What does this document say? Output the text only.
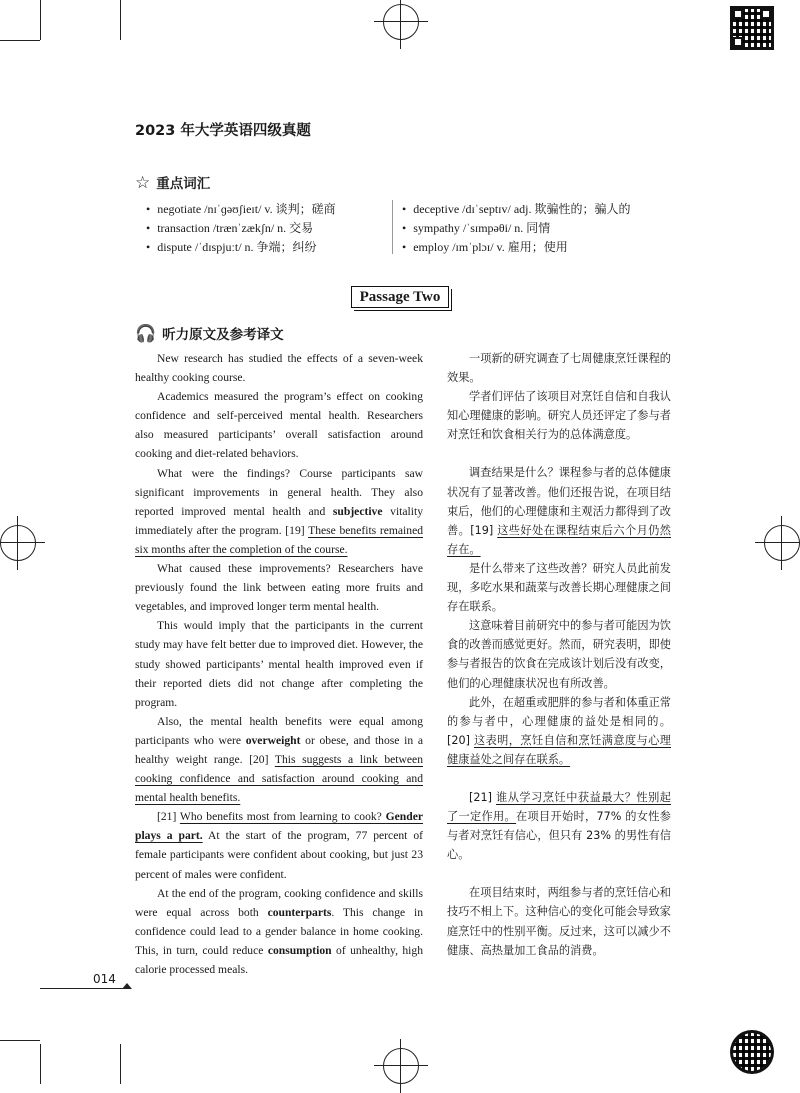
2023 年大学英语四级真题
☆ 重点词汇
• negotiate /nɪˈɡəʊʃieɪt/ v. 谈判；磋商
• transaction /trænˈzækʃn/ n. 交易
• dispute /ˈdɪspjuːt/ n. 争端；纠纷
• deceptive /dɪˈseptɪv/ adj. 欺骗性的；骗人的
• sympathy /ˈsɪmpəθi/ n. 同情
• employ /ɪmˈplɔɪ/ v. 雇用；使用
Passage Two
🎧 听力原文及参考译文

New research has studied the effects of a seven-week healthy cooking course.

Academics measured the program’s effect on cooking confidence and self-perceived mental health. Researchers also measured participants’ overall satisfaction around cooking and diet-related behaviors.

What were the findings? Course participants saw significant improvements in general health. They also reported improved mental health and subjective vitality immediately after the program. [19] These benefits remained six months after the completion of the course.

What caused these improvements? Researchers have previously found the link between eating more fruits and vegetables, and improved longer term mental health.

This would imply that the participants in the current study may have felt better due to improved diet. However, the study showed participants’ mental health improved even if their reported diets did not change after completing the program.

Also, the mental health benefits were equal among participants who were overweight or obese, and those in a healthy weight range. [20] This suggests a link between cooking confidence and satisfaction around cooking and mental health benefits.

[21] Who benefits most from learning to cook? Gender plays a part. At the start of the program, 77 percent of female participants were confident about cooking, but just 23 percent of males were confident.

At the end of the program, cooking confidence and skills were equal across both counterparts. This change in confidence could lead to a gender balance in home cooking. This, in turn, could reduce consumption of unhealthy, high calorie processed meals.

一项新的研究调查了七周健康烹饪课程的效果。

学者们评估了该项目对烹饪自信和自我认知心理健康的影响。研究人员还评定了参与者对烹饪和饮食相关行为的总体满意度。

调查结果是什么？课程参与者的总体健康状况有了显著改善。他们还报告说，在项目结束后，他们的心理健康和主观活力都得到了改善。[19] 这些好处在课程结束后六个月仍然存在。

是什么带来了这些改善？研究人员此前发现，多吃水果和蔬菜与改善长期心理健康之间存在联系。

这意味着目前研究中的参与者可能因为饮食的改善而感觉更好。然而，研究表明，即使参与者报告的饮食在完成该计划后没有改变，他们的心理健康状况也有所改善。

此外，在超重或肥胖的参与者和体重正常的参与者中，心理健康的益处是相同的。[20] 这表明，烹饪自信和烹饪满意度与心理健康益处之间存在联系。

[21] 谁从学习烹饪中获益最大？性别起了一定作用。在项目开始时，77% 的女性参与者对烹饪有信心，但只有 23% 的男性有信心。

在项目结束时，两组参与者的烹饪信心和技巧不相上下。这种信心的变化可能会导致家庭烹饪中的性别平衡。反过来，这可以减少不健康、高热量加工食品的消费。

014
